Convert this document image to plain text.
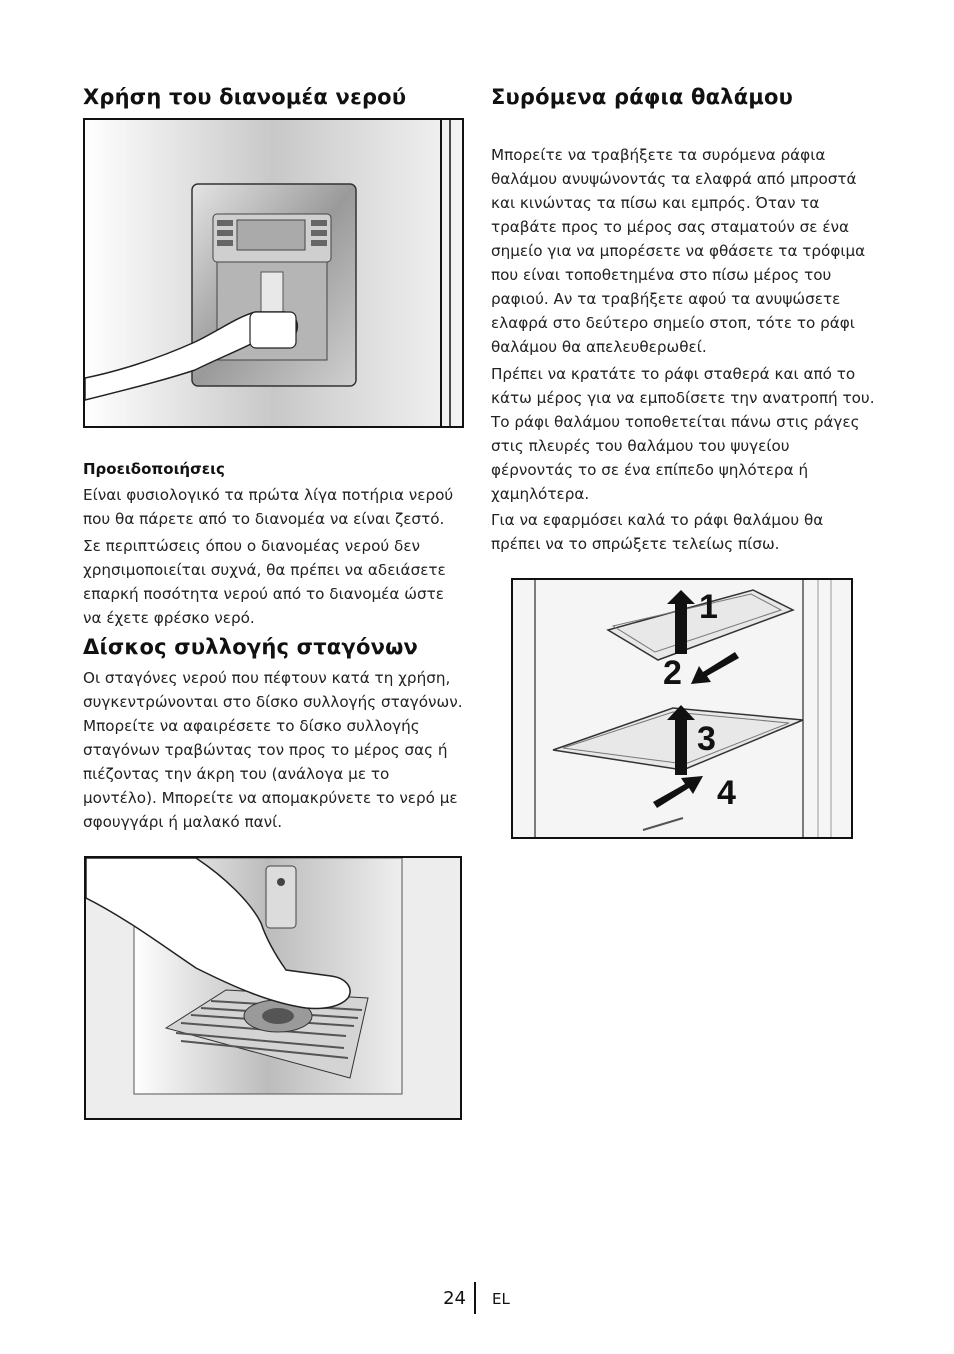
Χρήση του διανομέα νερού

Προειδοποιήσεις

Είναι φυσιολογικό τα πρώτα λίγα ποτήρια νερού που θα πάρετε από το διανομέα να είναι ζεστό.

Σε περιπτώσεις όπου ο διανομέας νερού δεν χρησιμοποιείται συχνά, θα πρέπει να αδειάσετε επαρκή ποσότητα νερού από το διανομέα ώστε να έχετε φρέσκο νερό.

Δίσκος συλλογής σταγόνων

Οι σταγόνες νερού που πέφτουν κατά τη χρήση, συγκεντρώνονται στο δίσκο συλλογής σταγόνων. Μπορείτε να αφαιρέσετε το δίσκο συλλογής σταγόνων τραβώντας τον προς το μέρος σας ή πιέζοντας την άκρη του (ανάλογα με το μοντέλο). Μπορείτε να απομακρύνετε το νερό με σφουγγάρι ή μαλακό πανί.

Συρόμενα ράφια θαλάμου

Μπορείτε να τραβήξετε τα συρόμενα ράφια θαλάμου ανυψώνοντάς τα ελαφρά από μπροστά και κινώντας τα πίσω και εμπρός. Όταν τα τραβάτε προς το μέρος σας σταματούν σε ένα σημείο για να μπορέσετε να φθάσετε τα τρόφιμα που είναι τοποθετημένα στο πίσω μέρος του ραφιού. Αν τα τραβήξετε αφού τα ανυψώσετε ελαφρά στο δεύτερο σημείο στοπ, τότε το ράφι θαλάμου θα απελευθερωθεί.

Πρέπει να κρατάτε το ράφι σταθερά και από το κάτω μέρος για να εμποδίσετε την ανατροπή του. Το ράφι θαλάμου τοποθετείται πάνω στις ράγες στις πλευρές του θαλάμου του ψυγείου φέρνοντάς το σε ένα επίπεδο ψηλότερα ή χαμηλότερα.

Για να εφαρμόσει καλά το ράφι θαλάμου θα πρέπει να το σπρώξετε τελείως πίσω.

1
2
3
4
24 EL
